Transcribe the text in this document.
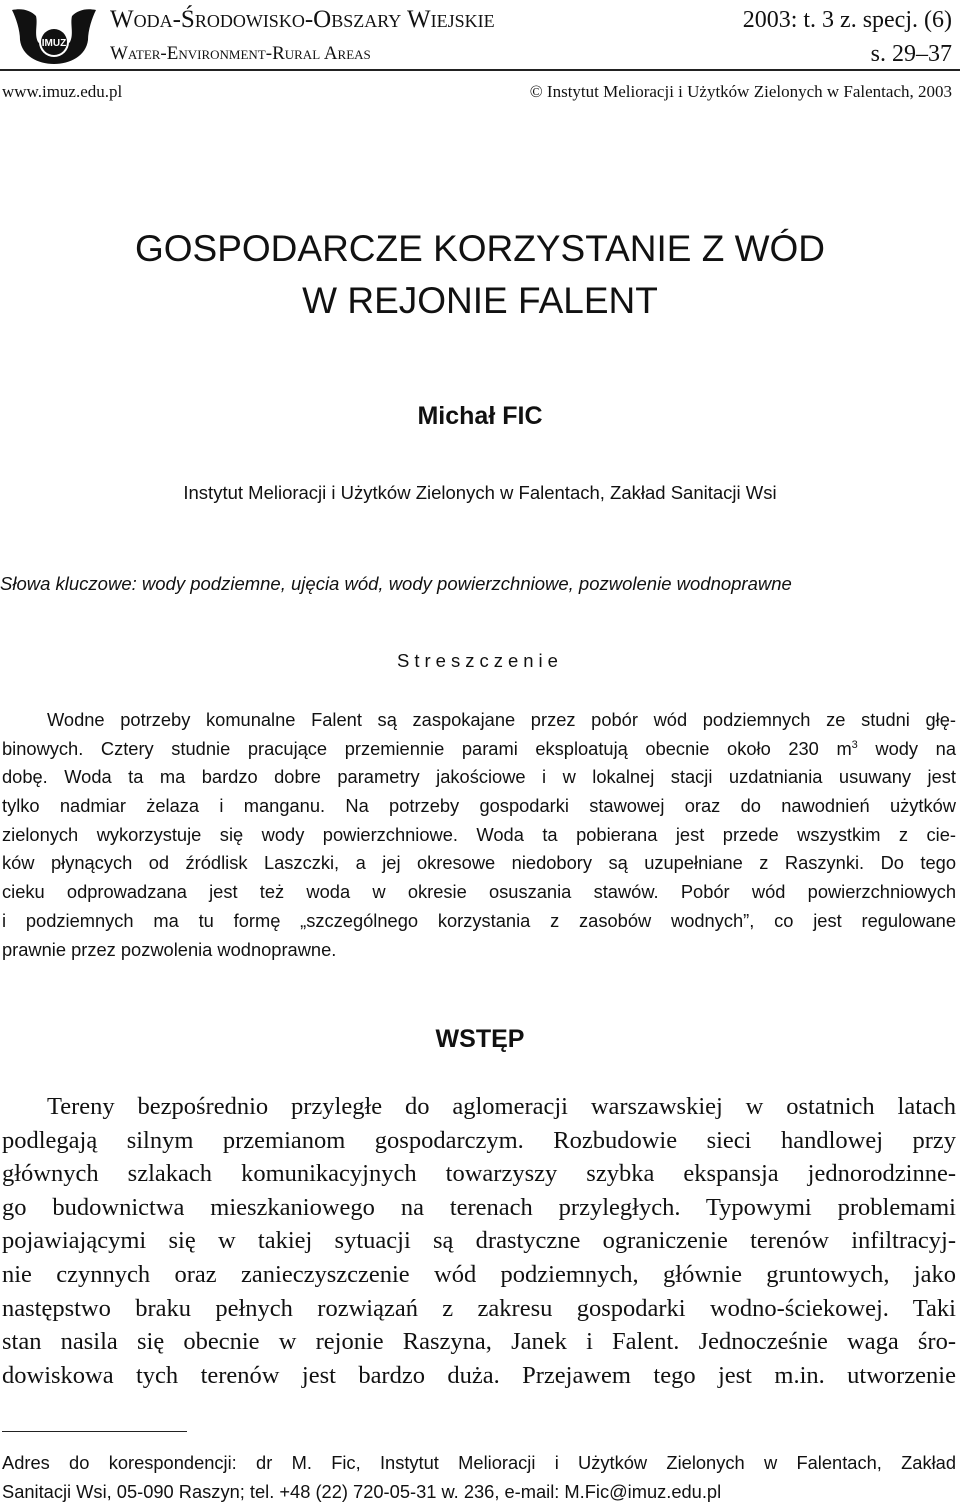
IMUZ
Woda-Środowisko-Obszary Wiejskie
Water-Environment-Rural Areas
2003: t. 3 z. specj. (6)
s. 29–37
www.imuz.edu.pl	© Instytut Melioracji i Użytków Zielonych w Falentach, 2003
GOSPODARCZE KORZYSTANIE Z WÓD
W REJONIE FALENT
Michał FIC
Instytut Melioracji i Użytków Zielonych w Falentach, Zakład Sanitacji Wsi
Słowa kluczowe: wody podziemne, ujęcia wód, wody powierzchniowe, pozwolenie wodnoprawne
Streszczenie
Wodne potrzeby komunalne Falent są zaspokajane przez pobór wód podziemnych ze studni głę-
binowych. Cztery studnie pracujące przemiennie parami eksploatują obecnie około 230 $m^3$ wody na
dobę. Woda ta ma bardzo dobre parametry jakościowe i w lokalnej stacji uzdatniania usuwany jest
tylko nadmiar żelaza i manganu. Na potrzeby gospodarki stawowej oraz do nawodnień użytków
zielonych wykorzystuje się wody powierzchniowe. Woda ta pobierana jest przede wszystkim z cie-
ków płynących od źródlisk Laszczki, a jej okresowe niedobory są uzupełniane z Raszynki. Do tego
cieku odprowadzana jest też woda w okresie osuszania stawów. Pobór wód powierzchniowych
i podziemnych ma tu formę „szczególnego korzystania z zasobów wodnych”, co jest regulowane
prawnie przez pozwolenia wodnoprawne.
WSTĘP
Tereny bezpośrednio przyległe do aglomeracji warszawskiej w ostatnich latach
podlegają silnym przemianom gospodarczym. Rozbudowie sieci handlowej przy
głównych szlakach komunikacyjnych towarzyszy szybka ekspansja jednorodzinne-
go budownictwa mieszkaniowego na terenach przyległych. Typowymi problemami
pojawiającymi się w takiej sytuacji są drastyczne ograniczenie terenów infiltracyj-
nie czynnych oraz zanieczyszczenie wód podziemnych, głównie gruntowych, jako
następstwo braku pełnych rozwiązań z zakresu gospodarki wodno-ściekowej. Taki
stan nasila się obecnie w rejonie Raszyna, Janek i Falent. Jednocześnie waga śro-
dowiskowa tych terenów jest bardzo duża. Przejawem tego jest m.in. utworzenie
Adres do korespondencji: dr M. Fic, Instytut Melioracji i Użytków Zielonych w Falentach, Zakład
Sanitacji Wsi, 05-090 Raszyn; tel. +48 (22) 720-05-31 w. 236, e-mail: M.Fic@imuz.edu.pl
